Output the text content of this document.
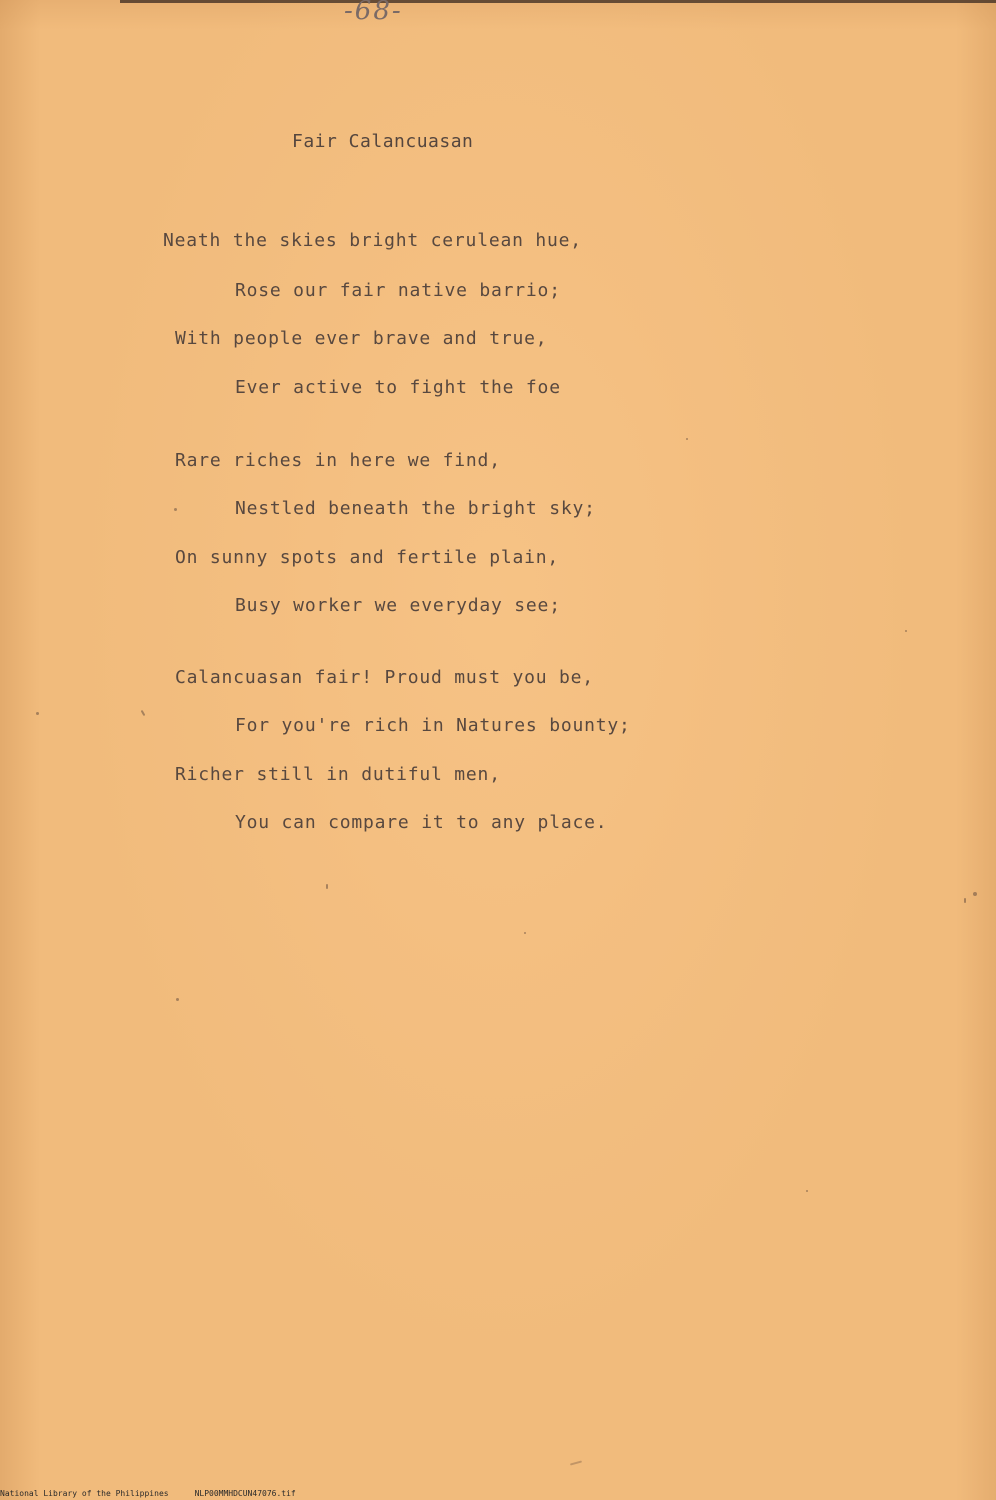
-68-
Fair Calancuasan
Neath the skies bright cerulean hue,
Rose our fair native barrio;
With people ever brave and true,
Ever active to fight the foe
Rare riches in here we find,
Nestled beneath the bright sky;
On sunny spots and fertile plain,
Busy worker we everyday see;
Calancuasan fair! Proud must you be,
For you're rich in Natures bounty;
Richer still in dutiful men,
You can compare it to any place.
National Library of the Philippines	NLP00MMHDCUN47076.tif
